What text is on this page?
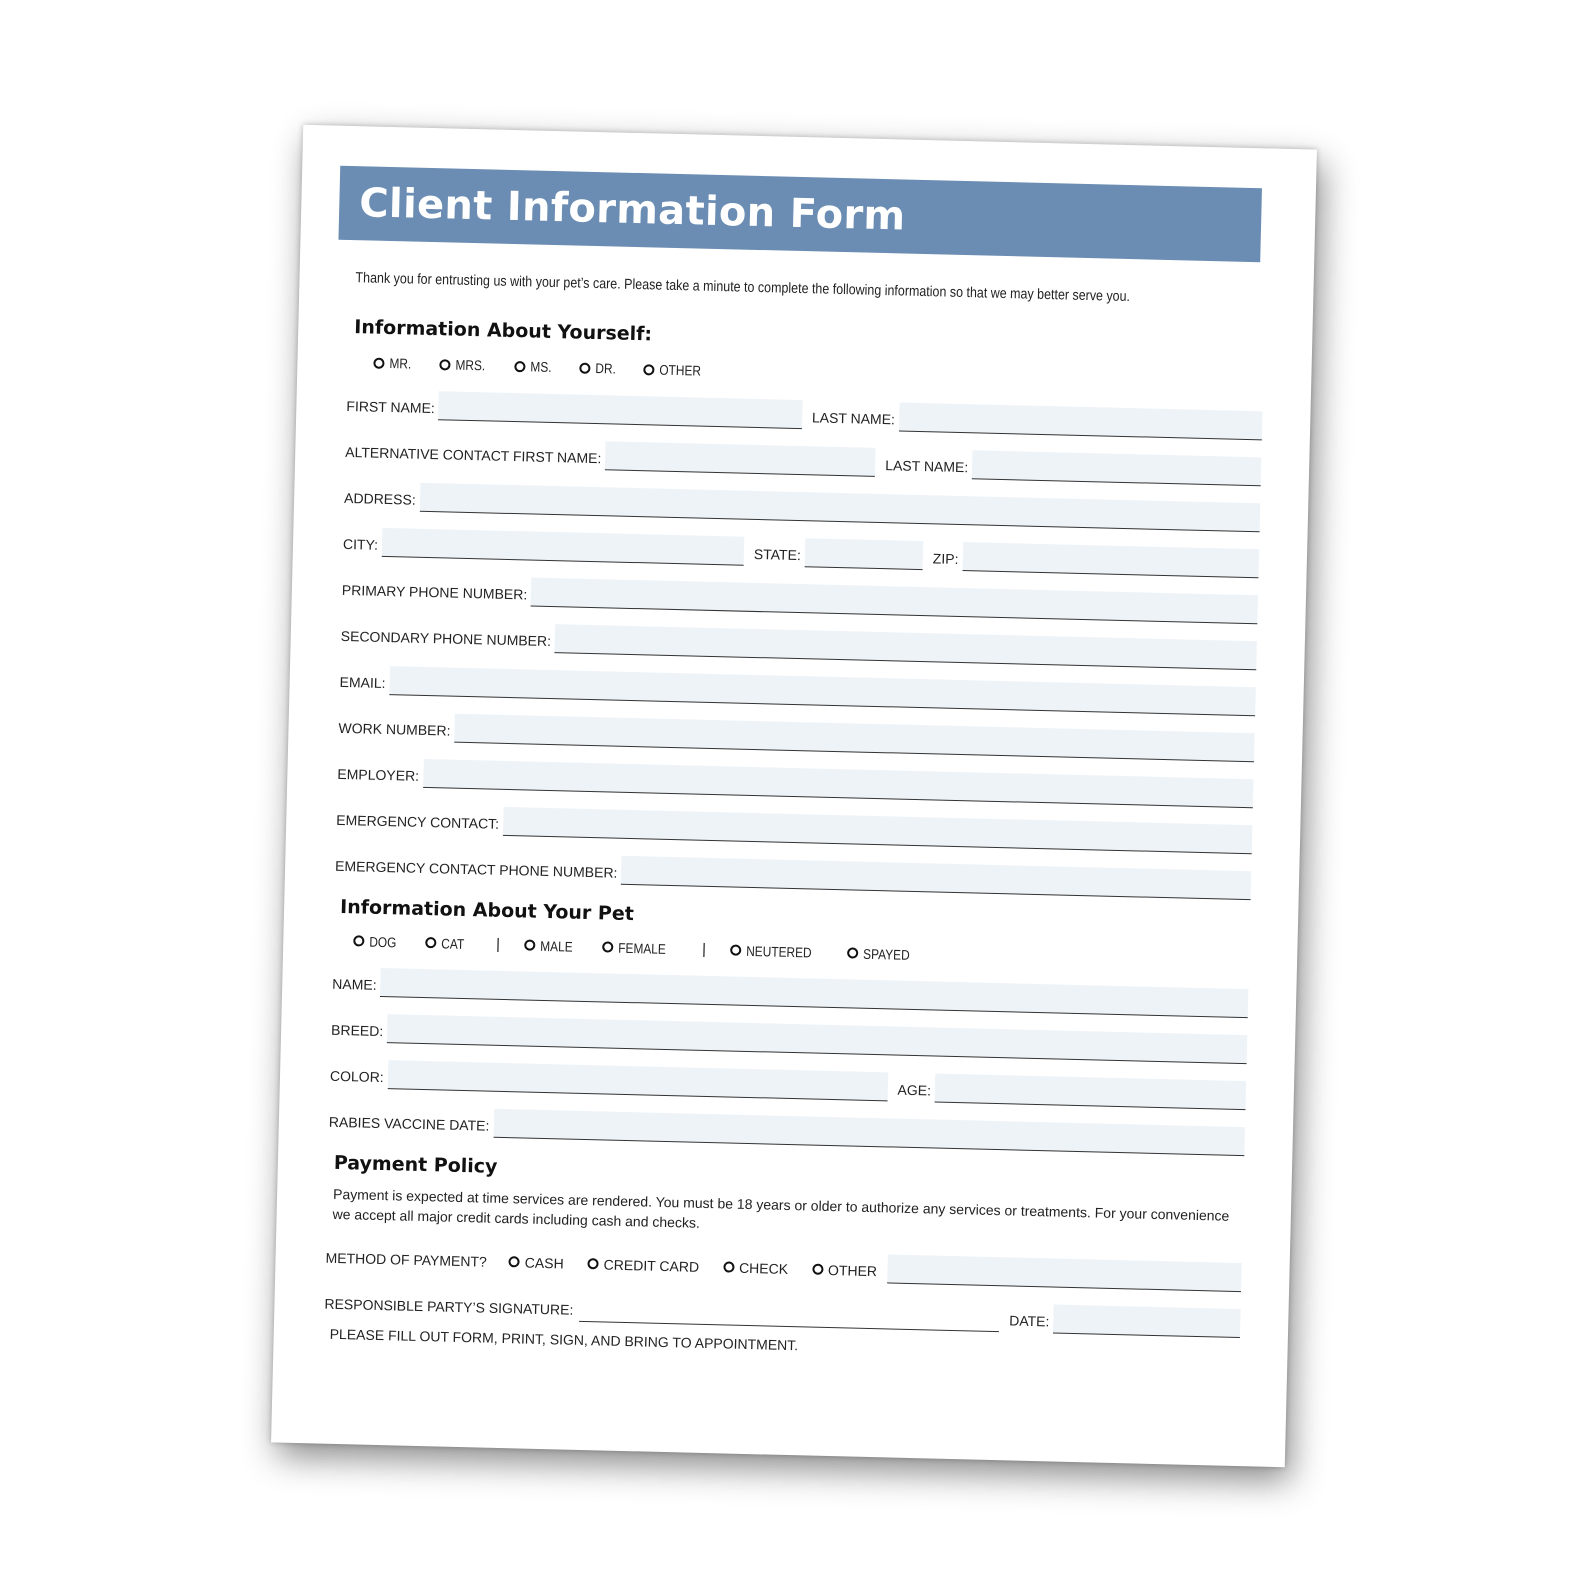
Client Information Form
Thank you for entrusting us with your pet’s care. Please take a minute to complete the following information so that we may better serve you.
Information About Yourself:
MR.	MRS.	MS.	DR.	OTHER
FIRST NAME:
LAST NAME:
ALTERNATIVE CONTACT FIRST NAME:	LAST NAME:
ADDRESS:
CITY:
STATE:	ZIP:
PRIMARY PHONE NUMBER:
SECONDARY PHONE NUMBER:
EMAIL:
WORK NUMBER:
EMPLOYER:
EMERGENCY CONTACT:
EMERGENCY CONTACT PHONE NUMBER:
Information About Your Pet
DOG	CAT |	MALE	FEMALE |	NEUTERED	SPAYED
NAME:
BREED:
COLOR:
AGE:
RABIES VACCINE DATE:
Payment Policy
Payment is expected at time services are rendered. You must be 18 years or older to authorize any services or treatments. For your convenience we accept all major credit cards including cash and checks.
METHOD OF PAYMENT?	CASH	CREDIT CARD	CHECK	OTHER
RESPONSIBLE PARTY’S SIGNATURE:
DATE:
PLEASE FILL OUT FORM, PRINT, SIGN, AND BRING TO APPOINTMENT.
